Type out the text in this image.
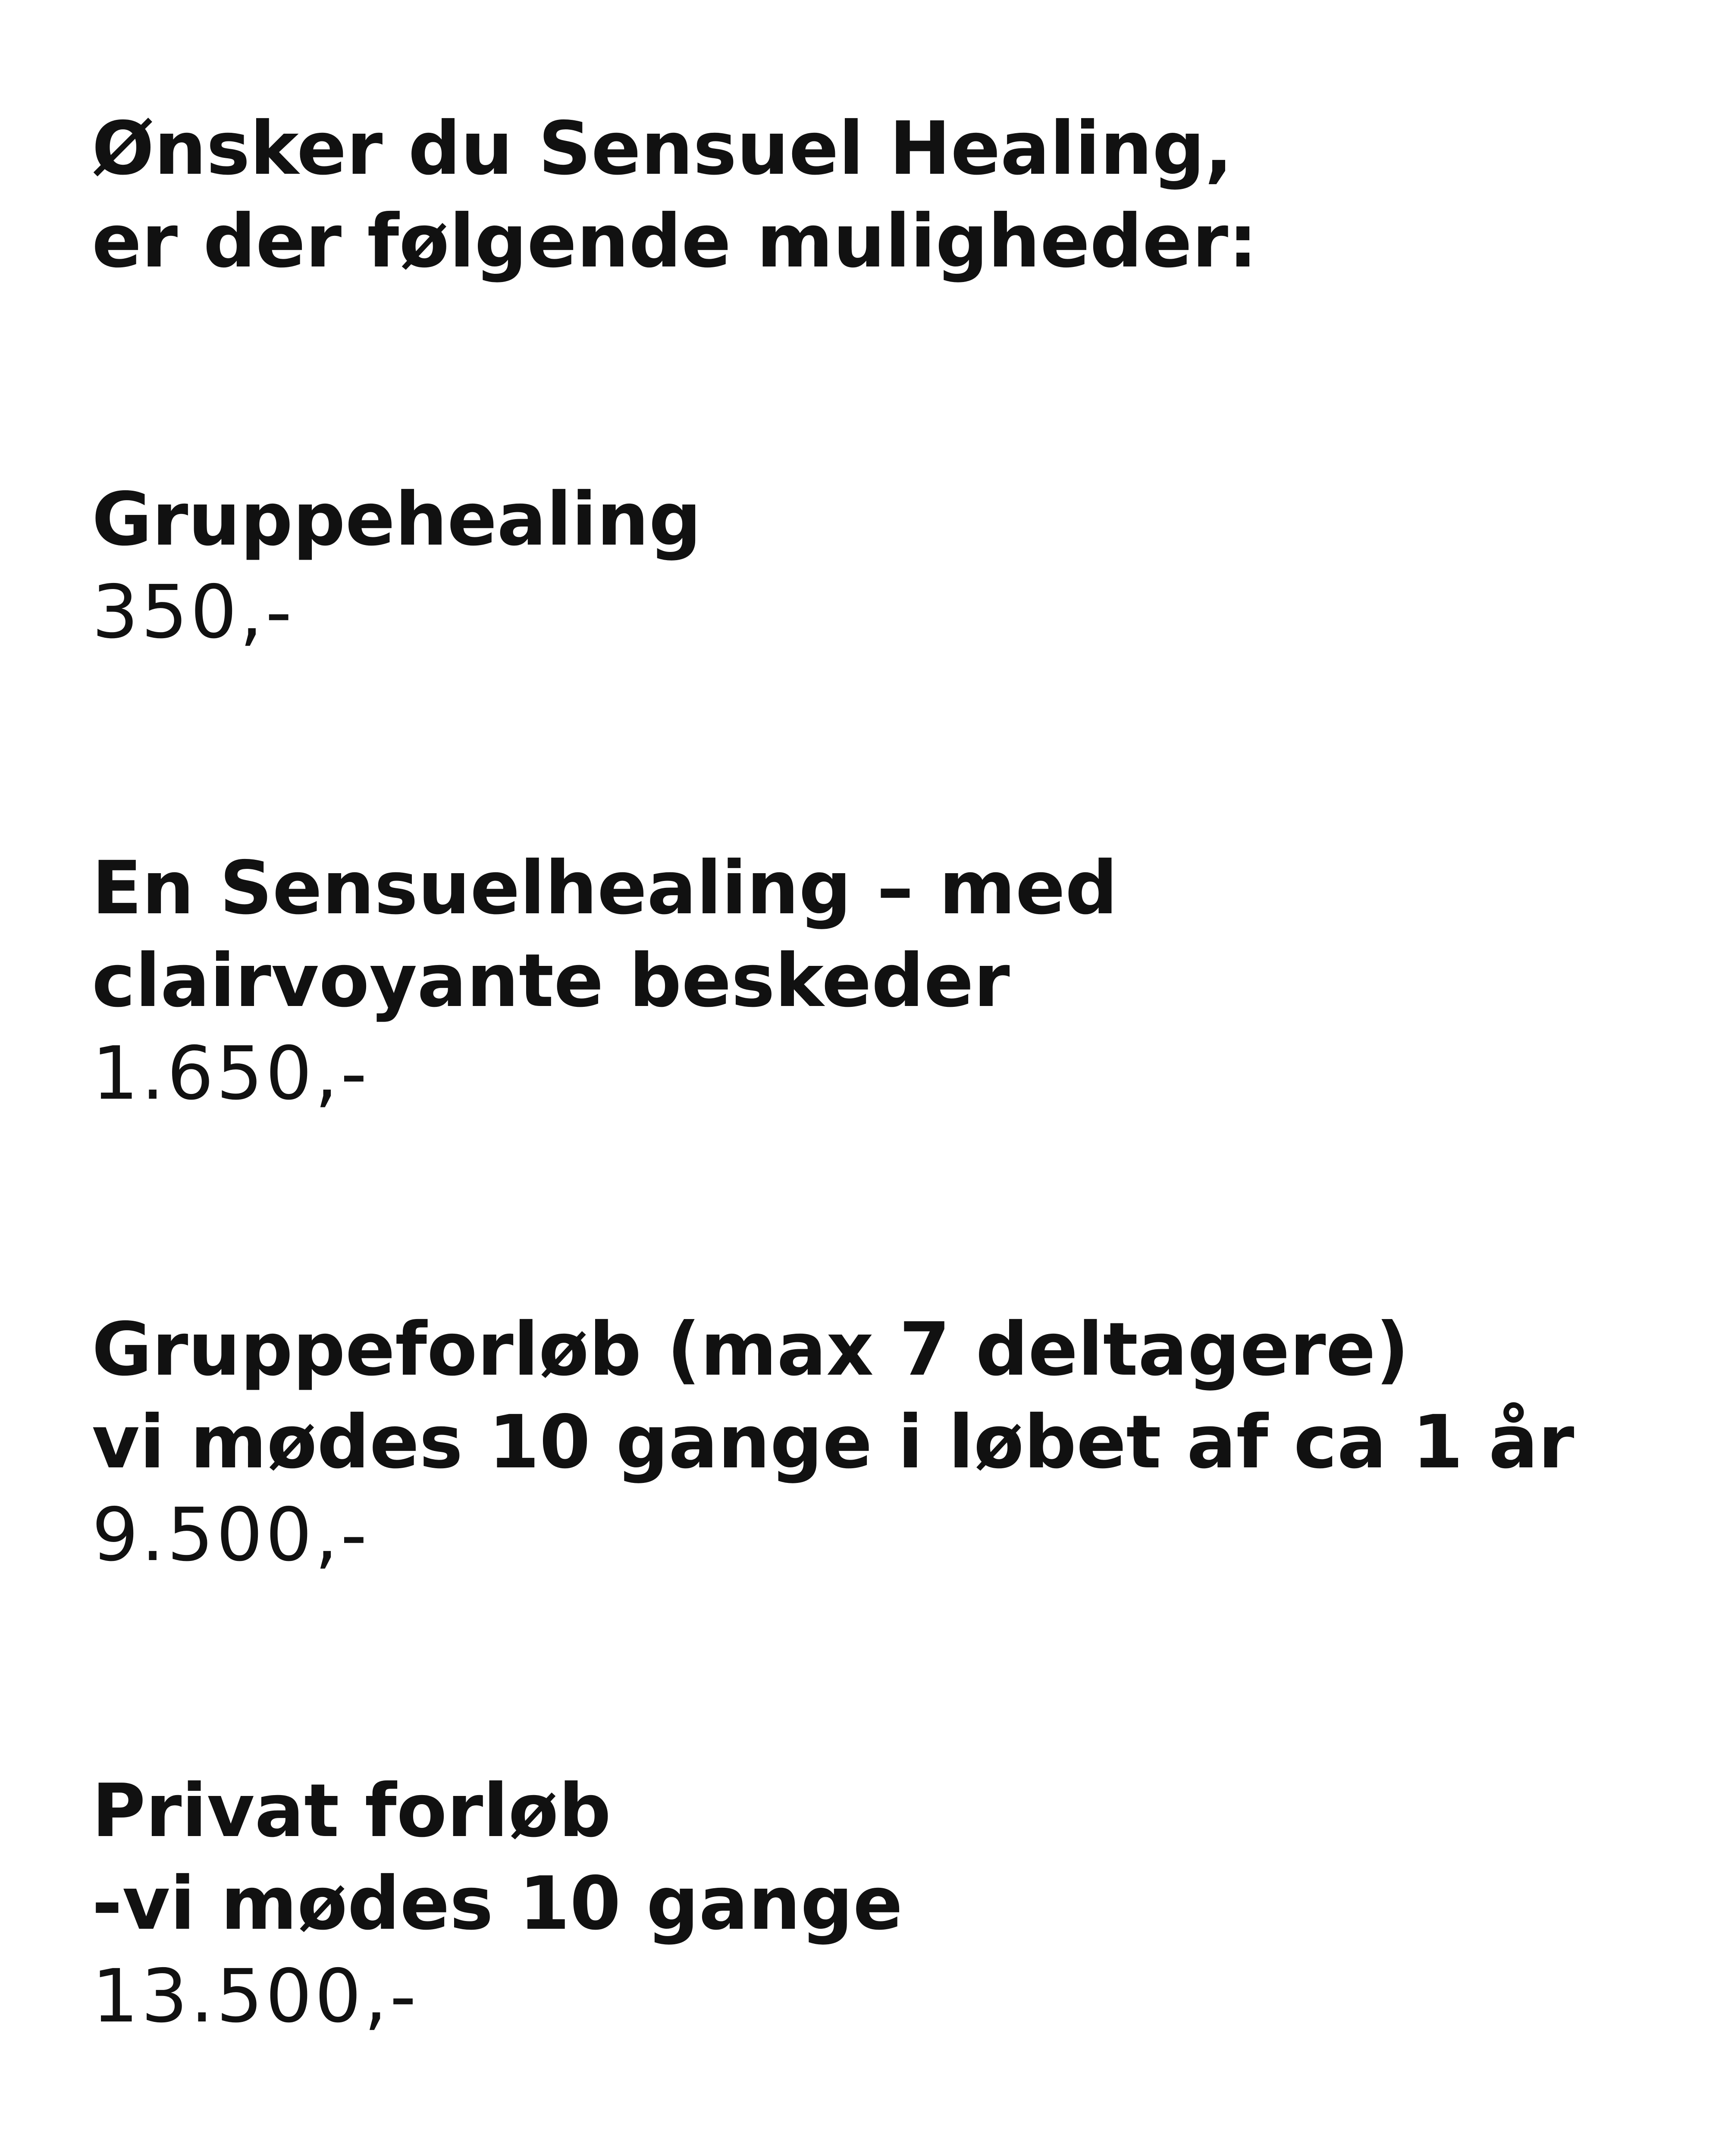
Ønsker du Sensuel Healing,
er der følgende muligheder:
Gruppehealing
350,-
En Sensuelhealing – med
clairvoyante beskeder
1.650,-
Gruppeforløb (max 7 deltagere)
vi mødes 10 gange i løbet af ca 1 år
9.500,-
Privat forløb
-vi mødes 10 gange
13.500,-
